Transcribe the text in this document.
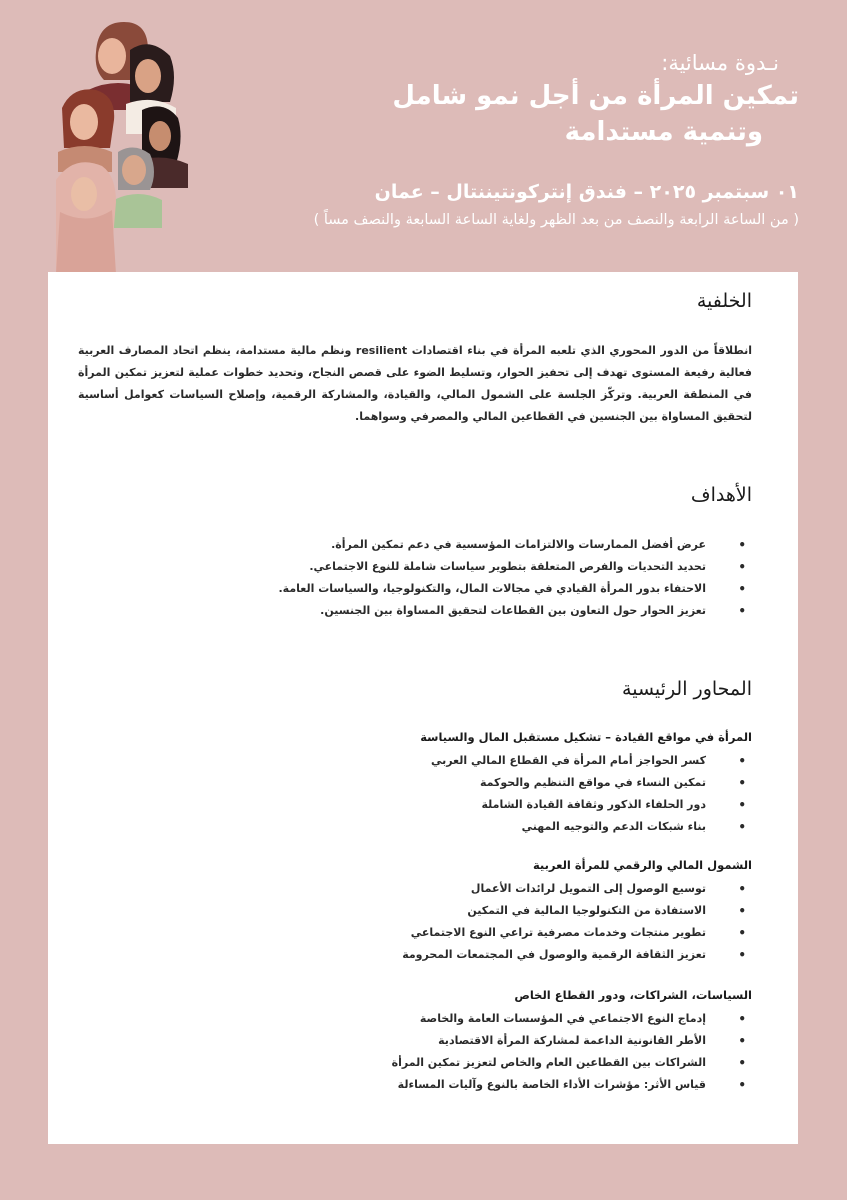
نـدوة مسائية:
تمكين المرأة من أجل نمو شامل
وتنمية مستدامة
٠١ سبتمبر ٢٠٢٥ – فندق إنتركونتيننتال – عمان
( من الساعة الرابعة والنصف من بعد الظهر ولغاية الساعة السابعة والنصف مساً )
الخلفية
انطلاقاً من الدور المحوري الذي تلعبه المرأة في بناء اقتصادات resilient ونظم مالية مستدامة، ينظم اتحاد المصارف العربية فعالية رفيعة المستوى تهدف إلى تحفيز الحوار، وتسليط الضوء على قصص النجاح، وتحديد خطوات عملية لتعزيز تمكين المرأة في المنطقة العربية. وتركّز الجلسة على الشمول المالي، والقيادة، والمشاركة الرقمية، وإصلاح السياسات كعوامل أساسية لتحقيق المساواة بين الجنسين في القطاعين المالي والمصرفي وسواهما.
الأهداف
• عرض أفضل الممارسات والالتزامات المؤسسية في دعم تمكين المرأة.
• تحديد التحديات والفرص المتعلقة بتطوير سياسات شاملة للنوع الاجتماعي.
• الاحتفاء بدور المرأة القيادي في مجالات المال، والتكنولوجيا، والسياسات العامة.
• تعزيز الحوار حول التعاون بين القطاعات لتحقيق المساواة بين الجنسين.
المحاور الرئيسية
المرأة في مواقع القيادة – تشكيل مستقبل المال والسياسة
• كسر الحواجز أمام المرأة في القطاع المالي العربي
• تمكين النساء في مواقع التنظيم والحوكمة
• دور الحلفاء الذكور وثقافة القيادة الشاملة
• بناء شبكات الدعم والتوجيه المهني
الشمول المالي والرقمي للمرأة العربية
• توسيع الوصول إلى التمويل لرائدات الأعمال
• الاستفادة من التكنولوجيا المالية في التمكين
• تطوير منتجات وخدمات مصرفية تراعي النوع الاجتماعي
• تعزيز الثقافة الرقمية والوصول في المجتمعات المحرومة
السياسات، الشراكات، ودور القطاع الخاص
• إدماج النوع الاجتماعي في المؤسسات العامة والخاصة
• الأطر القانونية الداعمة لمشاركة المرأة الاقتصادية
• الشراكات بين القطاعين العام والخاص لتعزيز تمكين المرأة
• قياس الأثر: مؤشرات الأداء الخاصة بالنوع وآليات المساءلة
